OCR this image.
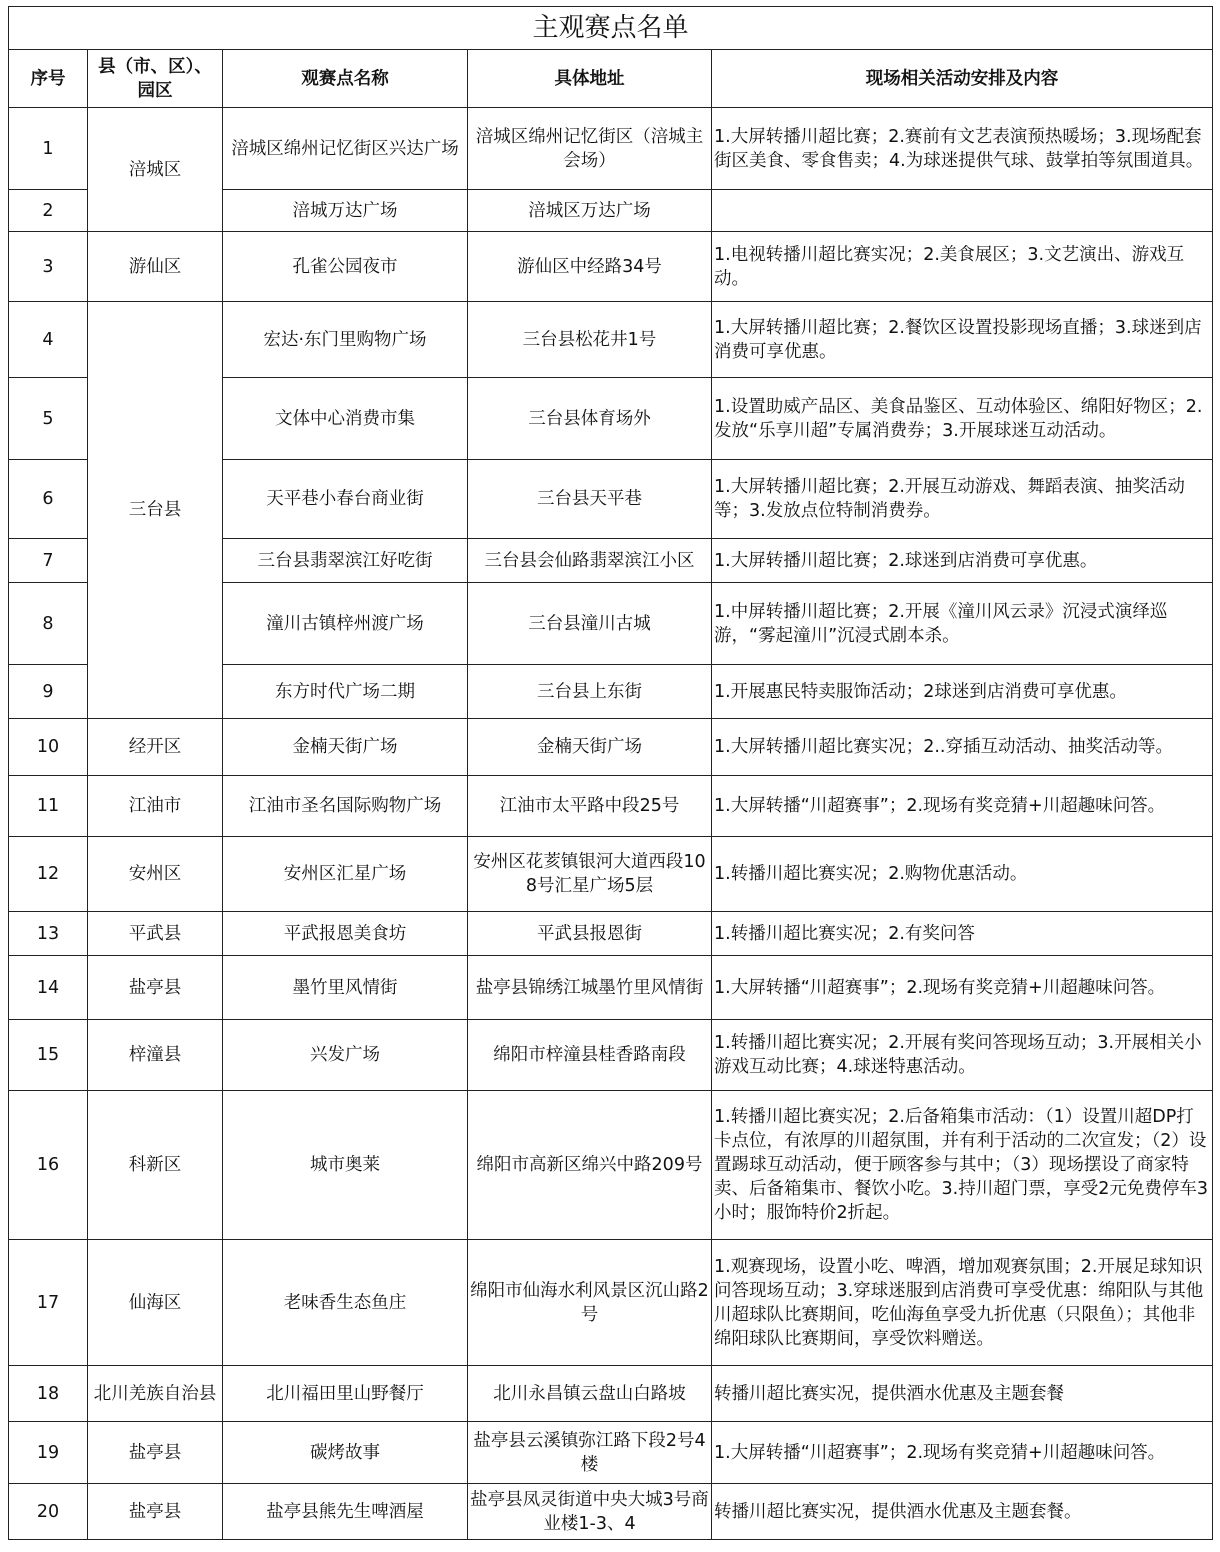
主观赛点名单				
序号	县（市、区）、园区	观赛点名称	具体地址	现场相关活动安排及内容
1	涪城区	涪城区绵州记忆街区兴达广场	涪城区绵州记忆街区（涪城主会场）	1.大屏转播川超比赛；2.赛前有文艺表演预热暖场；3.现场配套街区美食、零食售卖；4.为球迷提供气球、鼓掌拍等氛围道具。
2		涪城万达广场	涪城区万达广场	
3	游仙区	孔雀公园夜市	游仙区中经路34号	1.电视转播川超比赛实况；2.美食展区；3.文艺演出、游戏互动。
4	三台县	宏达·东门里购物广场	三台县松花井1号	1.大屏转播川超比赛；2.餐饮区设置投影现场直播；3.球迷到店消费可享优惠。
5		文体中心消费市集	三台县体育场外	1.设置助威产品区、美食品鉴区、互动体验区、绵阳好物区；2.发放“乐享川超”专属消费券；3.开展球迷互动活动。
6		天平巷小春台商业街	三台县天平巷	1.大屏转播川超比赛；2.开展互动游戏、舞蹈表演、抽奖活动等；3.发放点位特制消费券。
7		三台县翡翠滨江好吃街	三台县会仙路翡翠滨江小区	1.大屏转播川超比赛；2.球迷到店消费可享优惠。
8		潼川古镇梓州渡广场	三台县潼川古城	1.中屏转播川超比赛；2.开展《潼川风云录》沉浸式演绎巡游，“雾起潼川”沉浸式剧本杀。
9		东方时代广场二期	三台县上东街	1.开展惠民特卖服饰活动；2球迷到店消费可享优惠。
10	经开区	金楠天街广场	金楠天街广场	1.大屏转播川超比赛实况；2..穿插互动活动、抽奖活动等。
11	江油市	江油市圣名国际购物广场	江油市太平路中段25号	1.大屏转播“川超赛事”；2.现场有奖竞猜+川超趣味问答。
12	安州区	安州区汇星广场	安州区花荄镇银河大道西段108号汇星广场5层	1.转播川超比赛实况；2.购物优惠活动。
13	平武县	平武报恩美食坊	平武县报恩街	1.转播川超比赛实况；2.有奖问答
14	盐亭县	墨竹里风情街	盐亭县锦绣江城墨竹里风情街	1.大屏转播“川超赛事”；2.现场有奖竞猜+川超趣味问答。
15	梓潼县	兴发广场	绵阳市梓潼县桂香路南段	1.转播川超比赛实况；2.开展有奖问答现场互动；3.开展相关小游戏互动比赛；4.球迷特惠活动。
16	科新区	城市奥莱	绵阳市高新区绵兴中路209号	1.转播川超比赛实况；2.后备箱集市活动：（1）设置川超DP打卡点位，有浓厚的川超氛围，并有利于活动的二次宣发；（2）设置踢球互动活动，便于顾客参与其中；（3）现场摆设了商家特卖、后备箱集市、餐饮小吃。3.持川超门票，享受2元免费停车3小时；服饰特价2折起。
17	仙海区	老味香生态鱼庄	绵阳市仙海水利风景区沉山路2号	1.观赛现场，设置小吃、啤酒，增加观赛氛围；2.开展足球知识问答现场互动；3.穿球迷服到店消费可享受优惠：绵阳队与其他川超球队比赛期间，吃仙海鱼享受九折优惠（只限鱼）；其他非绵阳球队比赛期间，享受饮料赠送。
18	北川羌族自治县	北川福田里山野餐厅	北川永昌镇云盘山白路坡	转播川超比赛实况，提供酒水优惠及主题套餐
19	盐亭县	碳烤故事	盐亭县云溪镇弥江路下段2号4楼	1.大屏转播“川超赛事”；2.现场有奖竞猜+川超趣味问答。
20	盐亭县	盐亭县熊先生啤酒屋	盐亭县凤灵街道中央大城3号商业楼1-3、4	转播川超比赛实况，提供酒水优惠及主题套餐。
